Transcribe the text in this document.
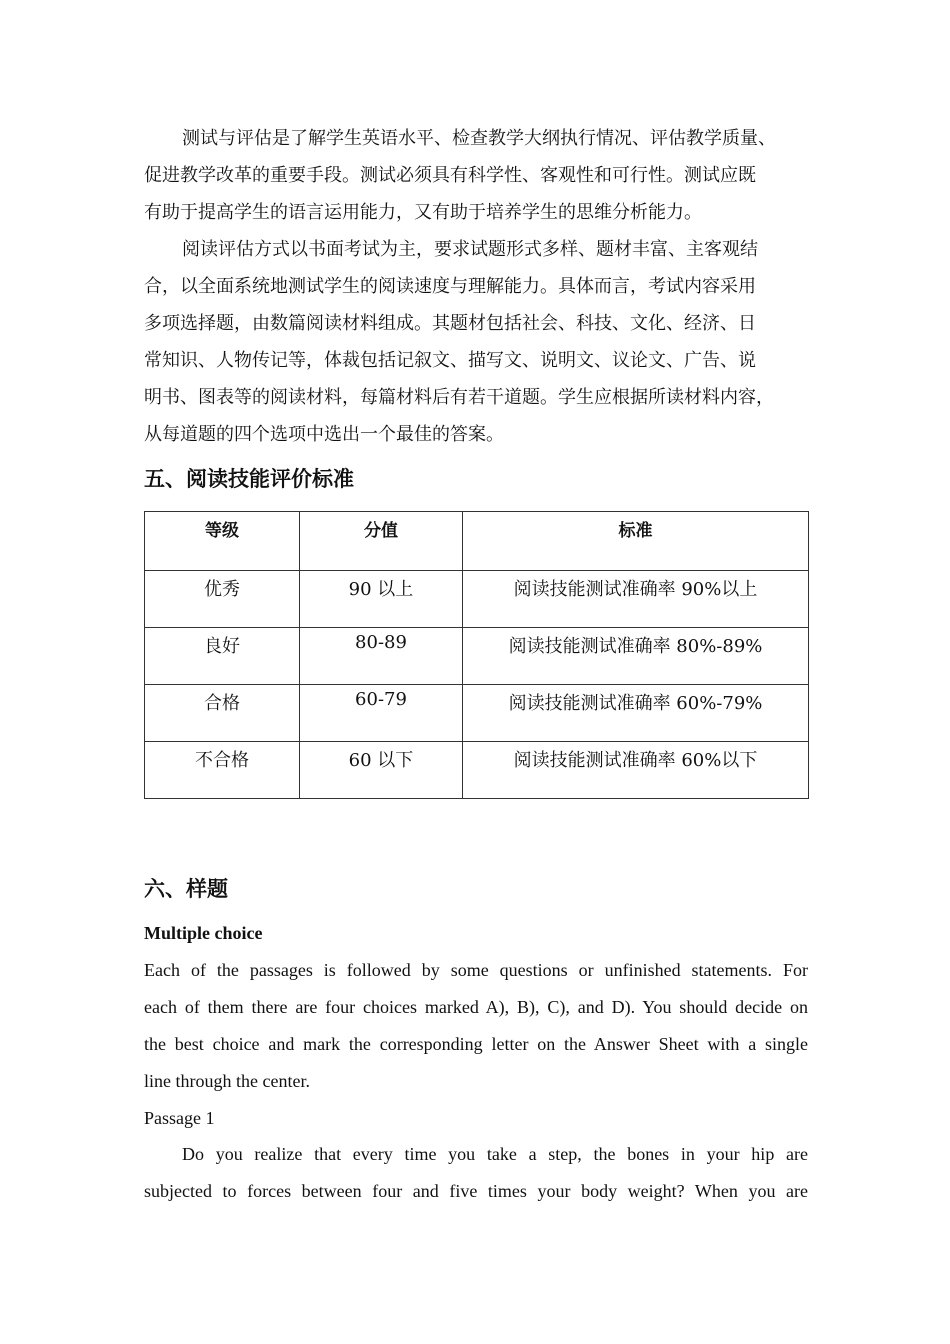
测试与评估是了解学生英语水平、检查教学大纲执行情况、评估教学质量、
促进教学改革的重要手段。测试必须具有科学性、客观性和可行性。测试应既
有助于提高学生的语言运用能力，又有助于培养学生的思维分析能力。

阅读评估方式以书面考试为主，要求试题形式多样、题材丰富、主客观结
合，以全面系统地测试学生的阅读速度与理解能力。具体而言，考试内容采用
多项选择题，由数篇阅读材料组成。其题材包括社会、科技、文化、经济、日
常知识、人物传记等，体裁包括记叙文、描写文、说明文、议论文、广告、说
明书、图表等的阅读材料，每篇材料后有若干道题。学生应根据所读材料内容，
从每道题的四个选项中选出一个最佳的答案。

五、阅读技能评价标准
等级	分值	标准
优秀	90 以上	阅读技能测试准确率 90%以上
良好	80-89	阅读技能测试准确率 80%-89%
合格	60-79	阅读技能测试准确率 60%-79%
不合格	60 以下	阅读技能测试准确率 60%以下
六、样题

Multiple choice

Each of the passages is followed by some questions or unfinished statements. For
each of them there are four choices marked A), B), C), and D). You should decide on
the best choice and mark the corresponding letter on the Answer Sheet with a single
line through the center.

Passage 1

Do you realize that every time you take a step, the bones in your hip are
subjected to forces between four and five times your body weight? When you are
